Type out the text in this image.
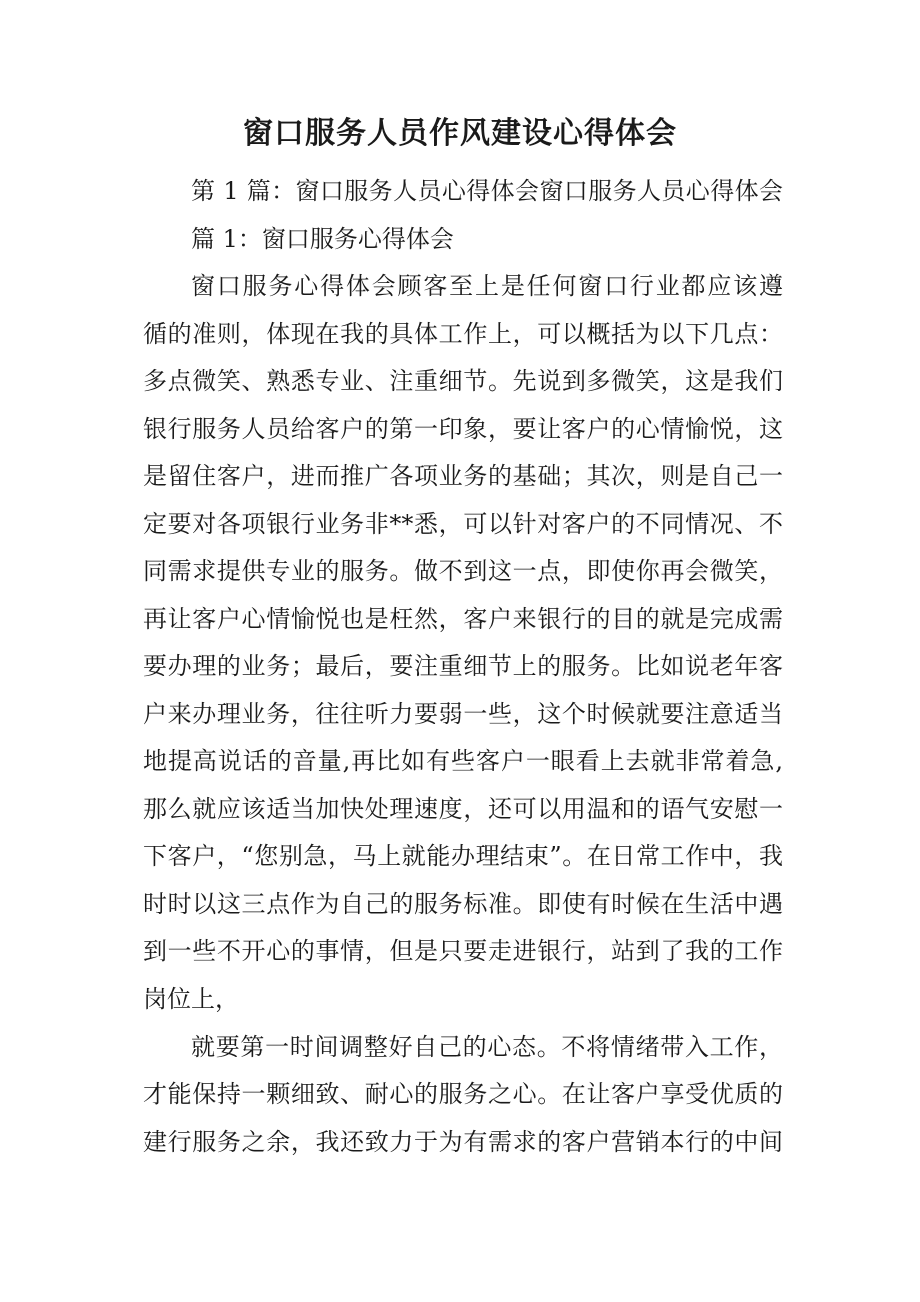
窗口服务人员作风建设心得体会

第 1 篇：窗口服务人员心得体会窗口服务人员心得体会

篇 1：窗口服务心得体会

窗口服务心得体会顾客至上是任何窗口行业都应该遵

循的准则，体现在我的具体工作上，可以概括为以下几点：

多点微笑、熟悉专业、注重细节。先说到多微笑，这是我们

银行服务人员给客户的第一印象，要让客户的心情愉悦，这

是留住客户，进而推广各项业务的基础；其次，则是自己一

定要对各项银行业务非**悉，可以针对客户的不同情况、不

同需求提供专业的服务。做不到这一点，即使你再会微笑，

再让客户心情愉悦也是枉然，客户来银行的目的就是完成需

要办理的业务；最后，要注重细节上的服务。比如说老年客

户来办理业务，往往听力要弱一些，这个时候就要注意适当

地提高说话的音量,再比如有些客户一眼看上去就非常着急,

那么就应该适当加快处理速度，还可以用温和的语气安慰一

下客户，“您别急，马上就能办理结束”。在日常工作中，我

时时以这三点作为自己的服务标准。即使有时候在生活中遇

到一些不开心的事情，但是只要走进银行，站到了我的工作

岗位上，

就要第一时间调整好自己的心态。不将情绪带入工作，

才能保持一颗细致、耐心的服务之心。在让客户享受优质的

建行服务之余，我还致力于为有需求的客户营销本行的中间
